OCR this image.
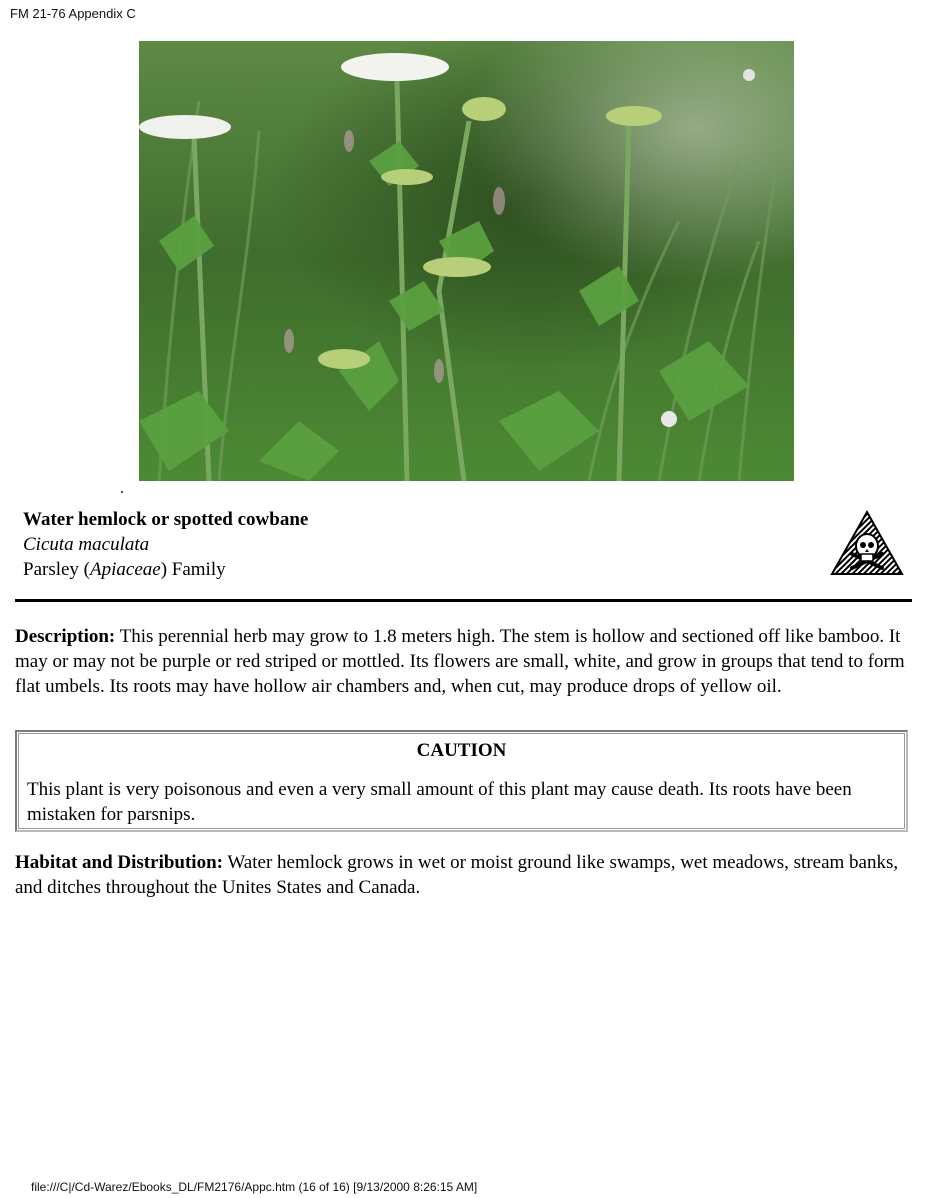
FM 21-76 Appendix C
Water hemlock or spotted cowbane
Cicuta maculata
Parsley (Apiaceae) Family

Description: This perennial herb may grow to 1.8 meters high. The stem is hollow and sectioned off like bamboo. It may or may not be purple or red striped or mottled. Its flowers are small, white, and grow in groups that tend to form flat umbels. Its roots may have hollow air chambers and, when cut, may produce drops of yellow oil.

CAUTION
This plant is very poisonous and even a very small amount of this plant may cause death. Its roots have been mistaken for parsnips.

Habitat and Distribution: Water hemlock grows in wet or moist ground like swamps, wet meadows, stream banks, and ditches throughout the Unites States and Canada.

file:///C|/Cd-Warez/Ebooks_DL/FM2176/Appc.htm (16 of 16) [9/13/2000 8:26:15 AM]
